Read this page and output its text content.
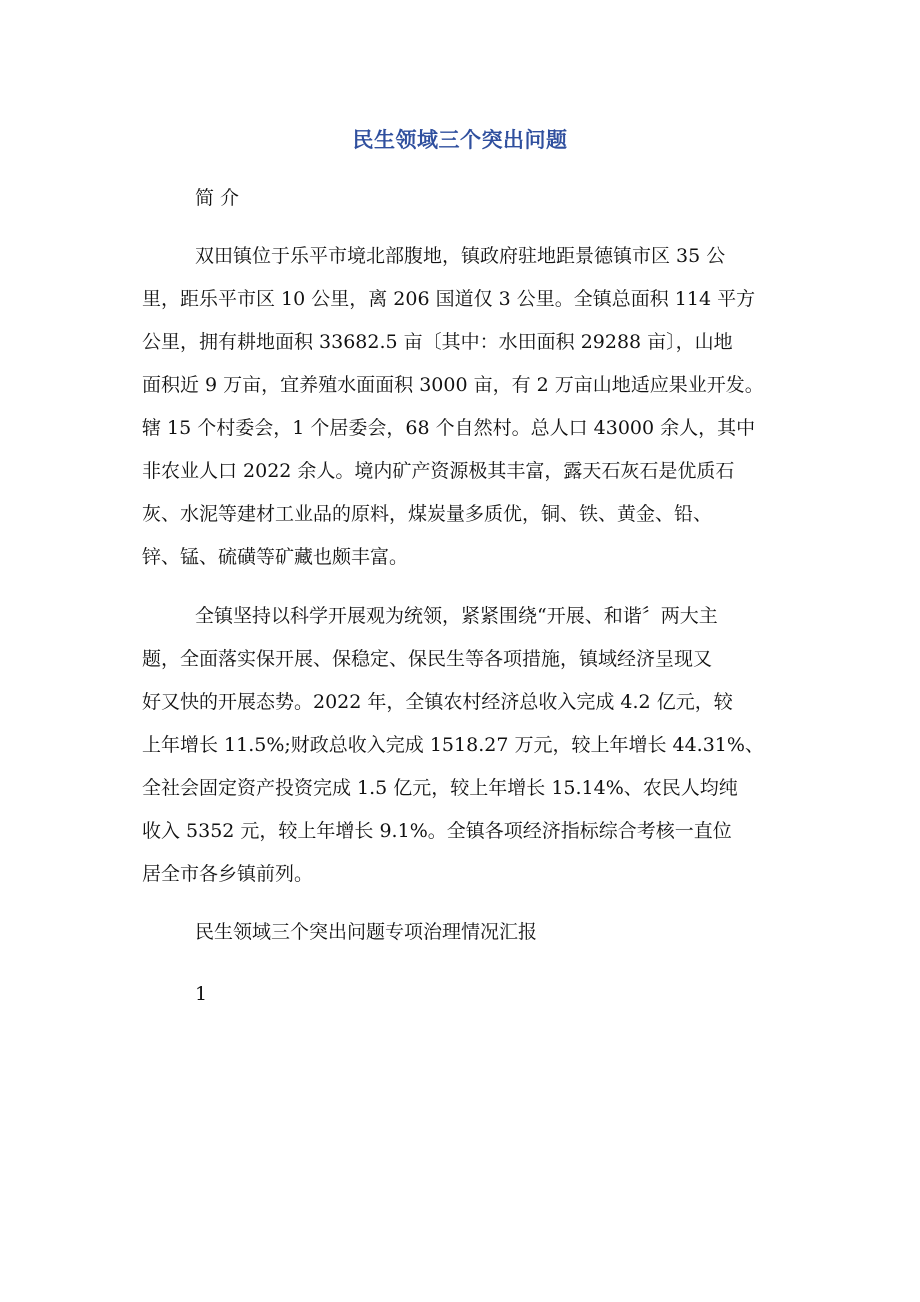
民生领域三个突出问题
简 介
双田镇位于乐平市境北部腹地，镇政府驻地距景德镇市区 35 公
里，距乐平市区 10 公里，离 206 国道仅 3 公里。全镇总面积 114 平方
公里，拥有耕地面积 33682.5 亩〔其中：水田面积 29288 亩〕，山地
面积近 9 万亩，宜养殖水面面积 3000 亩，有 2 万亩山地适应果业开发。
辖 15 个村委会，1 个居委会，68 个自然村。总人口 43000 余人，其中
非农业人口 2022 余人。境内矿产资源极其丰富，露天石灰石是优质石
灰、水泥等建材工业品的原料，煤炭量多质优，铜、铁、黄金、铅、
锌、锰、硫磺等矿藏也颇丰富。
全镇坚持以科学开展观为统领，紧紧围绕“开展、和谐〞两大主
题，全面落实保开展、保稳定、保民生等各项措施，镇域经济呈现又
好又快的开展态势。2022 年，全镇农村经济总收入完成 4.2 亿元，较
上年增长 11.5%;财政总收入完成 1518.27 万元，较上年增长 44.31%、
全社会固定资产投资完成 1.5 亿元，较上年增长 15.14%、农民人均纯
收入 5352 元，较上年增长 9.1%。全镇各项经济指标综合考核一直位
居全市各乡镇前列。
民生领域三个突出问题专项治理情况汇报
1
